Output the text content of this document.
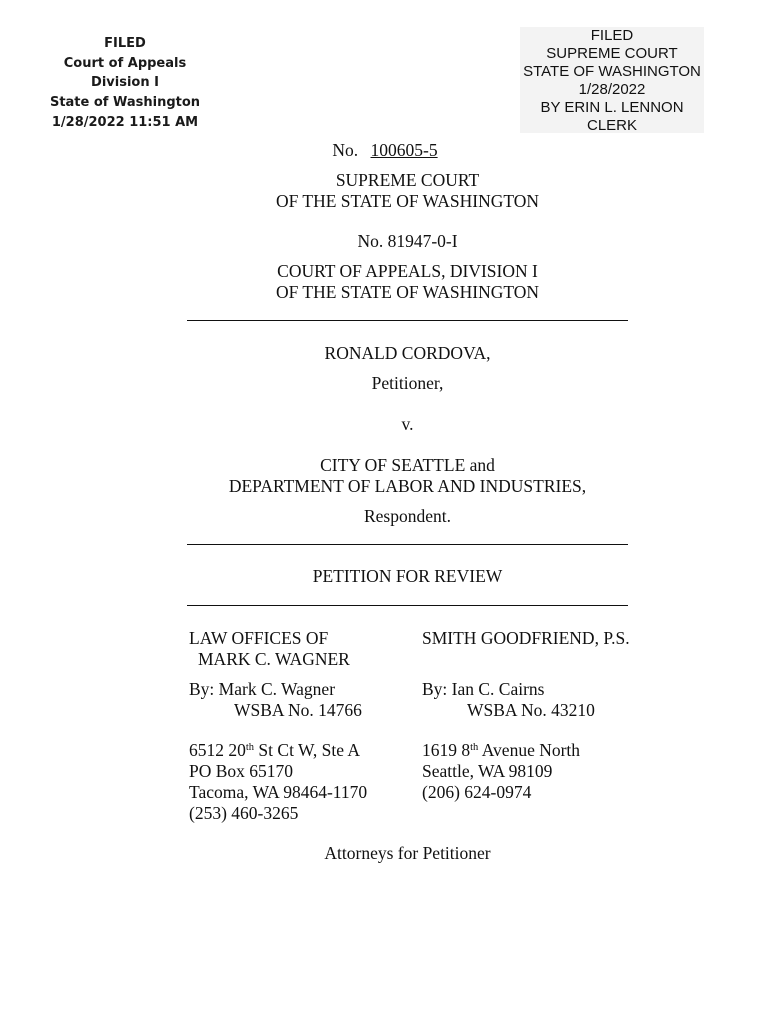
FILED
Court of Appeals
Division I
State of Washington
1/28/2022 11:51 AM
FILED
SUPREME COURT
STATE OF WASHINGTON
1/28/2022
BY ERIN L. LENNON
CLERK
No. 100605-5
SUPREME COURT
OF THE STATE OF WASHINGTON
No. 81947-0-I
COURT OF APPEALS, DIVISION I
OF THE STATE OF WASHINGTON
RONALD CORDOVA,
Petitioner,
v.
CITY OF SEATTLE and
DEPARTMENT OF LABOR AND INDUSTRIES,
Respondent.
PETITION FOR REVIEW
LAW OFFICES OF
MARK C. WAGNER
By: Mark C. Wagner
WSBA No. 14766
6512 20th St Ct W, Ste A
PO Box 65170
Tacoma, WA 98464-1170
(253) 460-3265
SMITH GOODFRIEND, P.S.
By: Ian C. Cairns
WSBA No. 43210
1619 8th Avenue North
Seattle, WA 98109
(206) 624-0974
Attorneys for Petitioner
